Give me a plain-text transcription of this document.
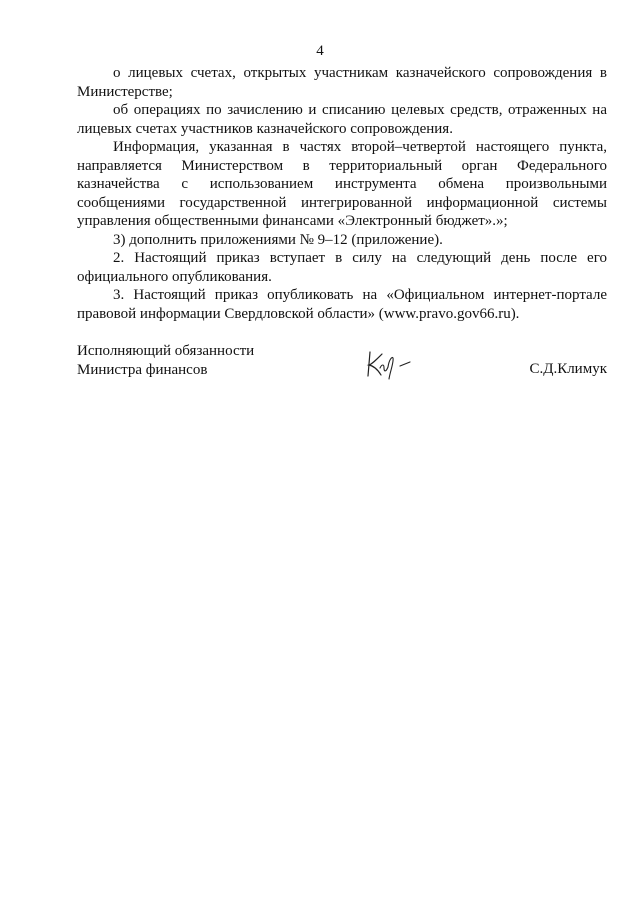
4

о лицевых счетах, открытых участникам казначейского сопровождения в Министерстве;

об операциях по зачислению и списанию целевых средств, отраженных на лицевых счетах участников казначейского сопровождения.

Информация, указанная в частях второй–четвертой настоящего пункта, направляется Министерством в территориальный орган Федерального казначейства с использованием инструмента обмена произвольными сообщениями государственной интегрированной информационной системы управления общественными финансами «Электронный бюджет».»;

3) дополнить приложениями № 9–12 (приложение).

2. Настоящий приказ вступает в силу на следующий день после его официального опубликования.

3. Настоящий приказ опубликовать на «Официальном интернет-портале правовой информации Свердловской области» (www.pravo.gov66.ru).

Исполняющий обязанности
Министра финансов	С.Д.Климук
